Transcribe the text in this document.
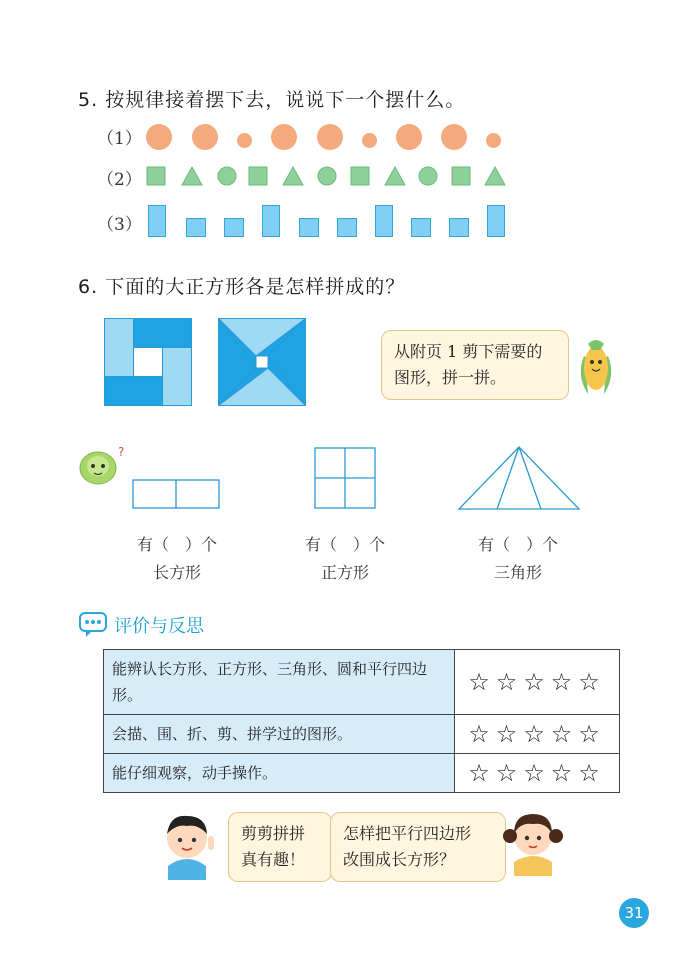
5. 按规律接着摆下去，说说下一个摆什么。
（1）
（2）
（3）
6. 下面的大正方形各是怎样拼成的？
从附页 1 剪下需要的
图形，拼一拼。
?
有（ ）个
长方形
有（ ）个
正方形
有（ ）个
三角形
评价与反思
能辨认长方形、正方形、三角形、圆和平行四边形。	☆☆☆☆☆
会描、围、折、剪、拼学过的图形。	☆☆☆☆☆
能仔细观察，动手操作。	☆☆☆☆☆
剪剪拼拼
真有趣！
怎样把平行四边形
改围成长方形？
31
